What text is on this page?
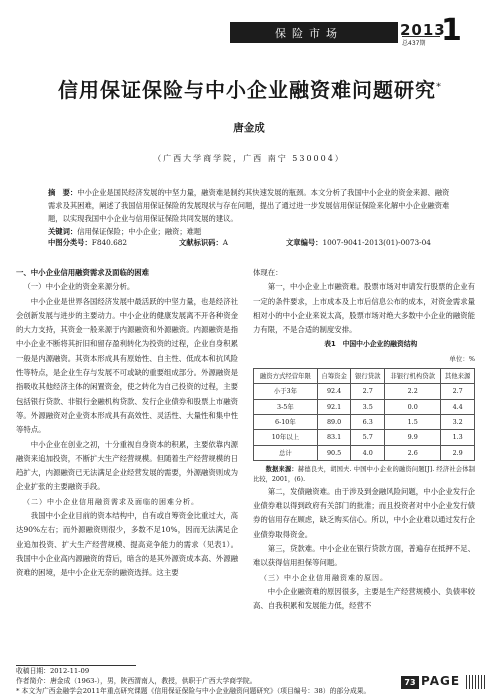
保险市场	2013
总437期 1
信用保证保险与中小企业融资难问题研究*
唐金成
（广西大学商学院，广西 南宁 530004）

摘　要：中小企业是国民经济发展的中坚力量，融资难是制约其快速发展的瓶颈。本文分析了我国中小企业的资金来源、融资需求及其困难，阐述了我国信用保证保险的发展现状与存在问题，提出了通过进一步发展信用保证保险来化解中小企业融资难题，以实现我国中小企业与信用保证保险共同发展的建议。

关键词：信用保证保险；中小企业；融资；难题

中图分类号：F840.682	文献标识码：A	文章编号：1007-9041-2013(01)-0073-04

一、中小企业信用融资需求及面临的困难

（一）中小企业的资金来源分析。

中小企业是世界各国经济发展中最活跃的中坚力量，也是经济社会创新发展与进步的主要动力。中小企业的健康发展离不开各种资金的大力支持，其资金一般来源于内源融资和外源融资。内源融资是指中小企业不断将其折旧和留存盈利转化为投资的过程，企业自身积累一般是内源融资。其资本形成具有原始性、自主性、低成本和抗风险性等特点，是企业生存与发展不可或缺的重要组成部分。外源融资是指吸收其他经济主体的闲置资金，使之转化为自己投资的过程，主要包括银行贷款、非银行金融机构贷款、发行企业债券和股票上市融资等。外源融资对企业资本形成具有高效性、灵活性、大量性和集中性等特点。

中小企业在创业之初，十分重视自身资本的积累，主要依靠内源融资来追加投资，不断扩大生产经营规模。但随着生产经营规模的日趋扩大，内源融资已无法满足企业经营发展的需要，外源融资则成为企业扩张的主要融资手段。

（二）中小企业信用融资需求及面临的困难分析。

我国中小企业目前的资本结构中，自有或自筹资金比重过大，高达90%左右；而外源融资则很少，多数不足10%，因而无法满足企业追加投资、扩大生产经营规模、提高竞争能力的需求（见表1）。我国中小企业高内源融资的背后，暗含的是其外源资成本高、外源融资难的困境，是中小企业无奈的融资选择。这主要

体现在：

第一，中小企业上市融资难。股票市场对申请发行股票的企业有一定的条件要求，上市成本及上市后信息公布的成本，对资金需求量相对小的中小企业来说太高，股票市场对绝大多数中小企业的融资能力有限，不是合适的制度安排。

表1　中国中小企业的融资结构

单位：%

融资方式经营年限	自筹资金	银行贷款	非银行机构贷款	其他来源
小于3年	92.4	2.7	2.2	2.7
3-5年	92.1	3.5	0.0	4.4
6-10年	89.0	6.3	1.5	3.2
10年以上	83.1	5.7	9.9	1.3
总计	90.5	4.0	2.6	2.9

数据来源：赫德良夫，胡国夫. 中国中小企业的融资问题[J]. 经济社会体制比较，2001，(6).

第二，发债融资难。由于涉及到金融风险问题，中小企业发行企业债券难以得到政府有关部门的批准；而且投资者对中小企业发行债券的信用存在顾虑，缺乏购买信心。所以，中小企业难以通过发行企业债券取得资金。

第三，贷款难。中小企业在银行贷款方面，普遍存在抵押不足、难以获得信用担保等问题。

（三）中小企业信用融资难的原因。

中小企业融资难的原因很多，主要是生产经营规模小、负债率较高、自我积累和发展能力低，经营不

收稿日期：2012-11-09
作者简介：唐金成（1963-），男，陕西渭南人，教授，供职于广西大学商学院。
* 本文为广西金融学会2011年重点研究课题《信用保证保险与中小企业融资问题研究》（项目编号：38）的部分成果。
73 PAGE
